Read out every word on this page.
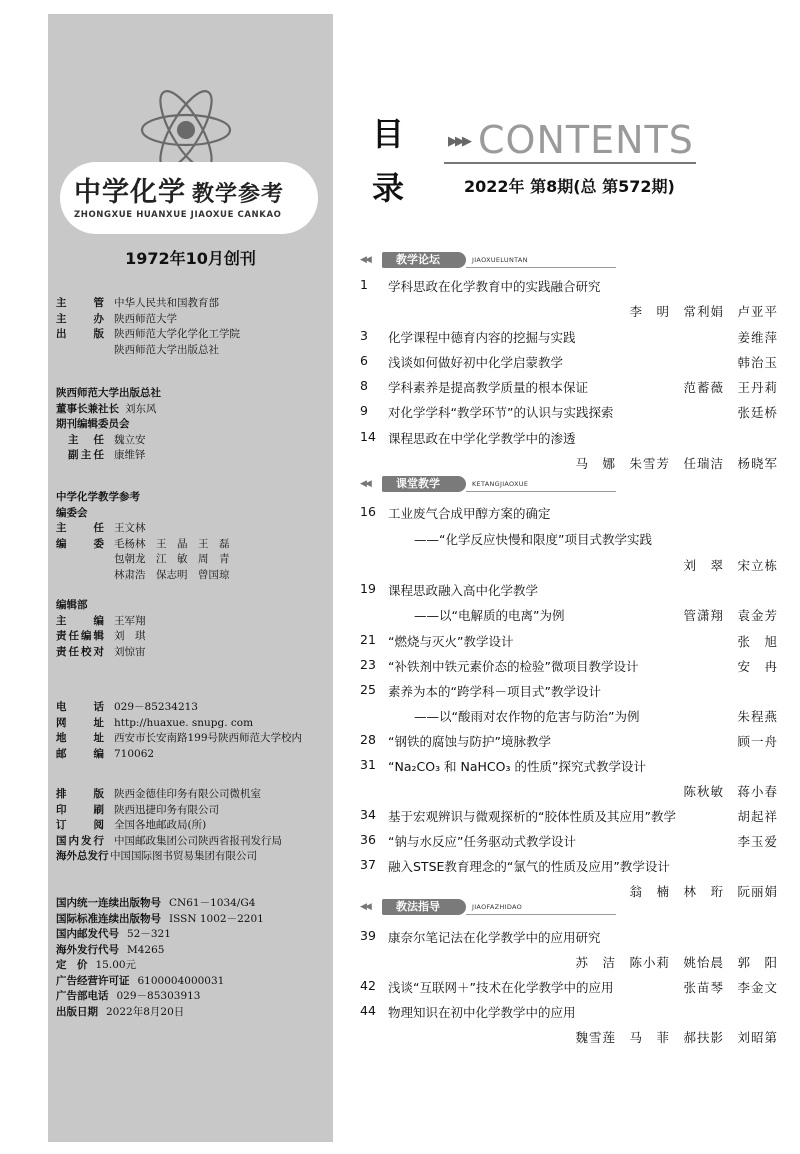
中学化学 教学参考
ZHONGXUE HUANXUE JIAOXUE CANKAO
1972年10月创刊
主　管 中华人民共和国教育部
主　办 陕西师范大学
出　版 陕西师范大学化学化工学院
陕西师范大学出版总社
陕西师范大学出版总社
董事长兼社长 刘东风
期刊编辑委员会
主　任 魏立安
副主任 康维铎
中学化学教学参考
编委会
主　任 王文林
编　委 毛杨林　王　晶　王　磊
包朝龙　江　敏　周　青
林肃浩　保志明　曾国琼
编辑部
主　编 王军翔
责任编辑 刘　琪
责任校对 刘惊宙
电　话 029－85234213
网　址 http://huaxue. snupg. com
地　址 西安市长安南路199号陕西师范大学校内
邮　编 710062
排　版 陕西金德佳印务有限公司微机室
印　刷 陕西迅捷印务有限公司
订　阅 全国各地邮政局(所)
国内发行 中国邮政集团公司陕西省报刊发行局
海外总发行 中国国际图书贸易集团有限公司
国内统一连续出版物号 CN61－1034/G4
国际标准连续出版物号 ISSN 1002－2201
国内邮发代号 52－321
海外发行代号 M4265
定　价 15.00元
广告经营许可证 6100004000031
广告部电话 029－85303913
出版日期 2022年8月20日
目
录
▶▶▶ CONTENTS
2022年 第8期(总 第572期)
◀◀	教学论坛	JIAOXUELUNTAN
◀◀	课堂教学	KETANGJIAOXUE
◀◀	教法指导	JIAOFAZHIDAO
1	学科思政在化学教育中的实践融合研究
李　明　常利娟　卢亚平
3	化学课程中德育内容的挖掘与实践	姜维萍
6	浅谈如何做好初中化学启蒙教学	韩治玉
8	学科素养是提高教学质量的根本保证	范蓄薇　王丹莉
9	对化学学科“教学环节”的认识与实践探索	张廷桥
14 课程思政在中学化学教学中的渗透
马　娜　朱雪芳　任瑞洁　杨晓军
16 工业废气合成甲醇方案的确定
——“化学反应快慢和限度”项目式教学实践
刘　翠　宋立栋
19 课程思政融入高中化学教学
——以“电解质的电离”为例	管潇翔　袁金芳
21 “燃烧与灭火”教学设计	张　旭
23 “补铁剂中铁元素价态的检验”微项目教学设计	安　冉
25 素养为本的“跨学科－项目式”教学设计
——以“酸雨对农作物的危害与防治”为例	朱程燕
28 “钢铁的腐蚀与防护”境脉教学	顾一舟
31 “Na₂CO₃ 和 NaHCO₃ 的性质”探究式教学设计
陈秋敏　蒋小春
34 基于宏观辨识与微观探析的“胶体性质及其应用”教学	胡起祥
36 “钠与水反应”任务驱动式教学设计	李玉爱
37 融入STSE教育理念的“氯气的性质及应用”教学设计
翁　楠　林　珩　阮丽娟
39 康奈尔笔记法在化学教学中的应用研究
苏　洁　陈小莉　姚怡晨　郭　阳
42 浅谈“互联网＋”技术在化学教学中的应用	张苗琴　李金文
44 物理知识在初中化学教学中的应用
魏雪莲　马　菲　郝扶影　刘昭第
